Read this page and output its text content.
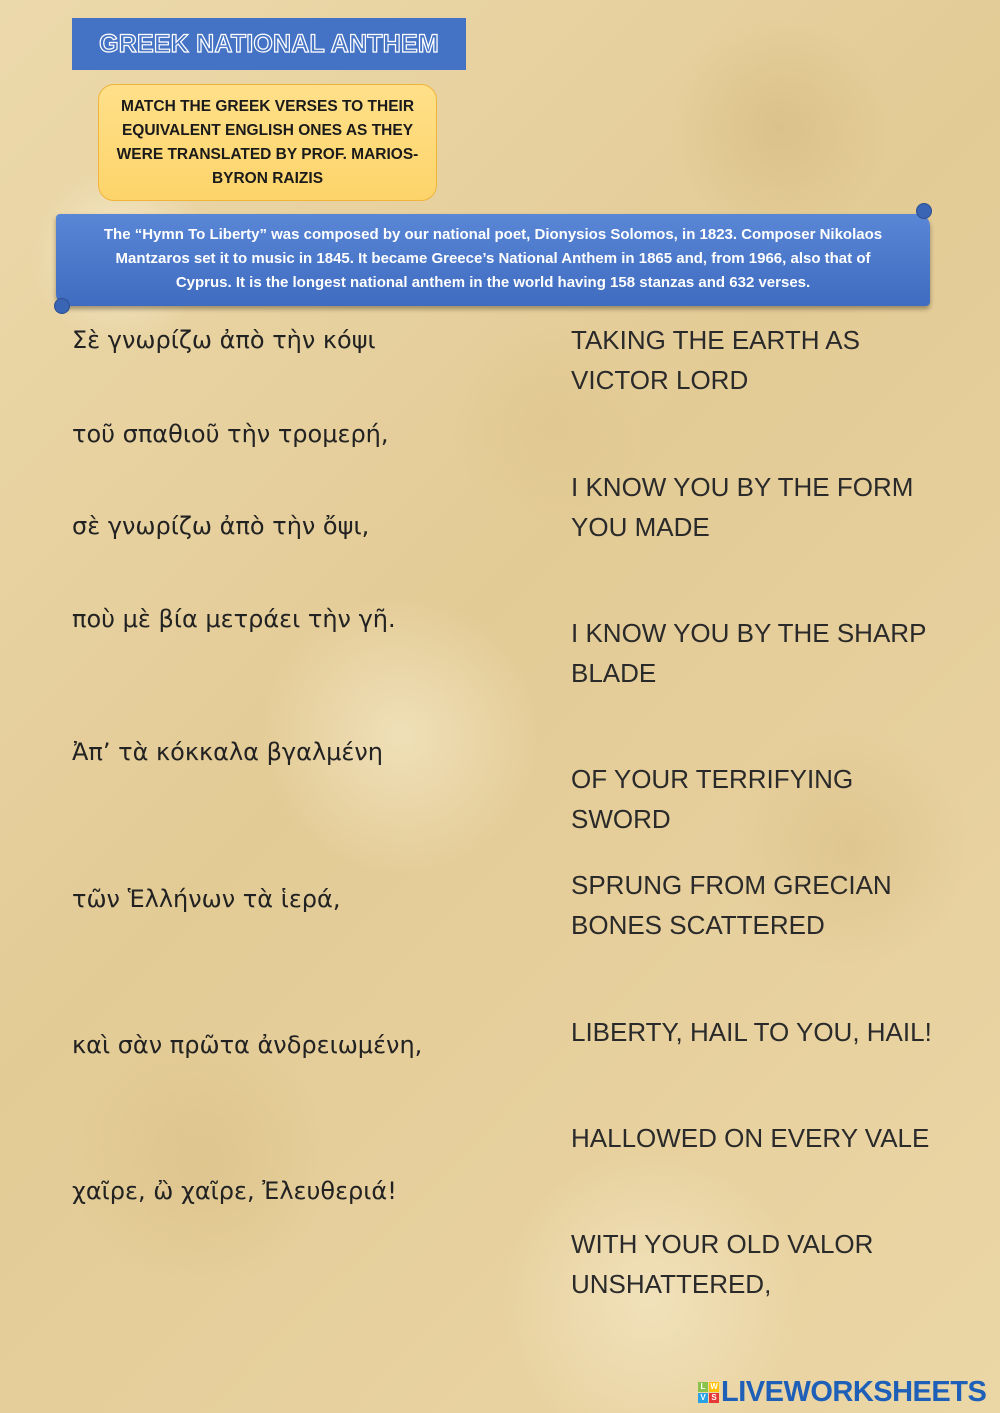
GREEK NATIONAL ANTHEM
MATCH THE GREEK VERSES TO THEIR EQUIVALENT ENGLISH ONES AS THEY WERE TRANSLATED BY PROF. MARIOS-BYRON RAIZIS
The “Hymn To Liberty” was composed by our national poet, Dionysios Solomos, in 1823. Composer Nikolaos
Mantzaros set it to music in 1845. It became Greece’s National Anthem in 1865 and, from 1966, also that of
Cyprus. It is the longest national anthem in the world having 158 stanzas and 632 verses.
Σὲ γνωρίζω ἀπὸ τὴν κόψι
τοῦ σπαθιοῦ τὴν τρομερή,
σὲ γνωρίζω ἀπὸ τὴν ὄψι,
ποὺ μὲ βία μετράει τὴν γῆ.
Ἀπ’ τὰ κόκκαλα βγαλμένη
τῶν Ἑλλήνων τὰ ἱερά,
καὶ σὰν πρῶτα ἀνδρειωμένη,
χαῖρε, ὢ χαῖρε, Ἐλευθεριά!
TAKING THE EARTH AS
VICTOR LORD
I KNOW YOU BY THE FORM
YOU MADE
I KNOW YOU BY THE SHARP
BLADE
OF YOUR TERRIFYING SWORD
SPRUNG FROM GRECIAN
BONES SCATTERED
LIBERTY, HAIL TO YOU, HAIL!
HALLOWED ON EVERY VALE
WITH YOUR OLD VALOR
UNSHATTERED,
L W
V S LIVEWORKSHEETS
